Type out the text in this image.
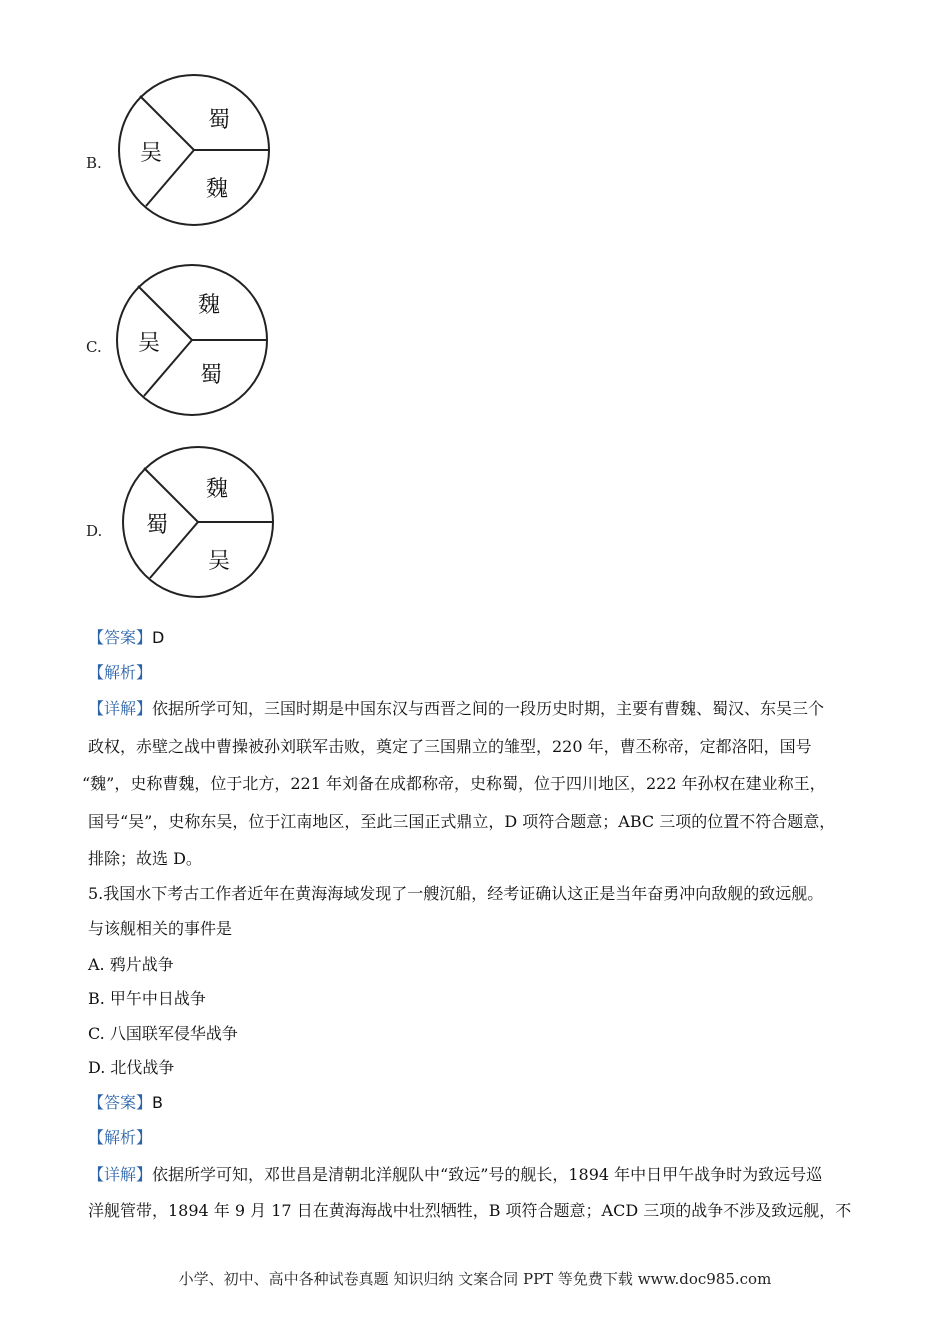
B.
蜀
吴
魏
C.
魏
吴
蜀
D.
魏
蜀
吴
【答案】D
【解析】
【详解】依据所学可知，三国时期是中国东汉与西晋之间的一段历史时期，主要有曹魏、蜀汉、东吴三个
政权，赤壁之战中曹操被孙刘联军击败，奠定了三国鼎立的雏型，220 年，曹丕称帝，定都洛阳，国号
“魏”，史称曹魏，位于北方，221 年刘备在成都称帝，史称蜀，位于四川地区，222 年孙权在建业称王，
国号“吴”，史称东吴，位于江南地区，至此三国正式鼎立，D 项符合题意；ABC 三项的位置不符合题意，
排除；故选 D。
5.我国水下考古工作者近年在黄海海域发现了一艘沉船，经考证确认这正是当年奋勇冲向敌舰的致远舰。
与该舰相关的事件是
A. 鸦片战争
B. 甲午中日战争
C. 八国联军侵华战争
D. 北伐战争
【答案】B
【解析】
【详解】依据所学可知，邓世昌是清朝北洋舰队中“致远”号的舰长，1894 年中日甲午战争时为致远号巡
洋舰管带，1894 年 9 月 17 日在黄海海战中壮烈牺牲，B 项符合题意；ACD 三项的战争不涉及致远舰，不
小学、初中、高中各种试卷真题 知识归纳 文案合同 PPT 等免费下载 www.doc985.com
